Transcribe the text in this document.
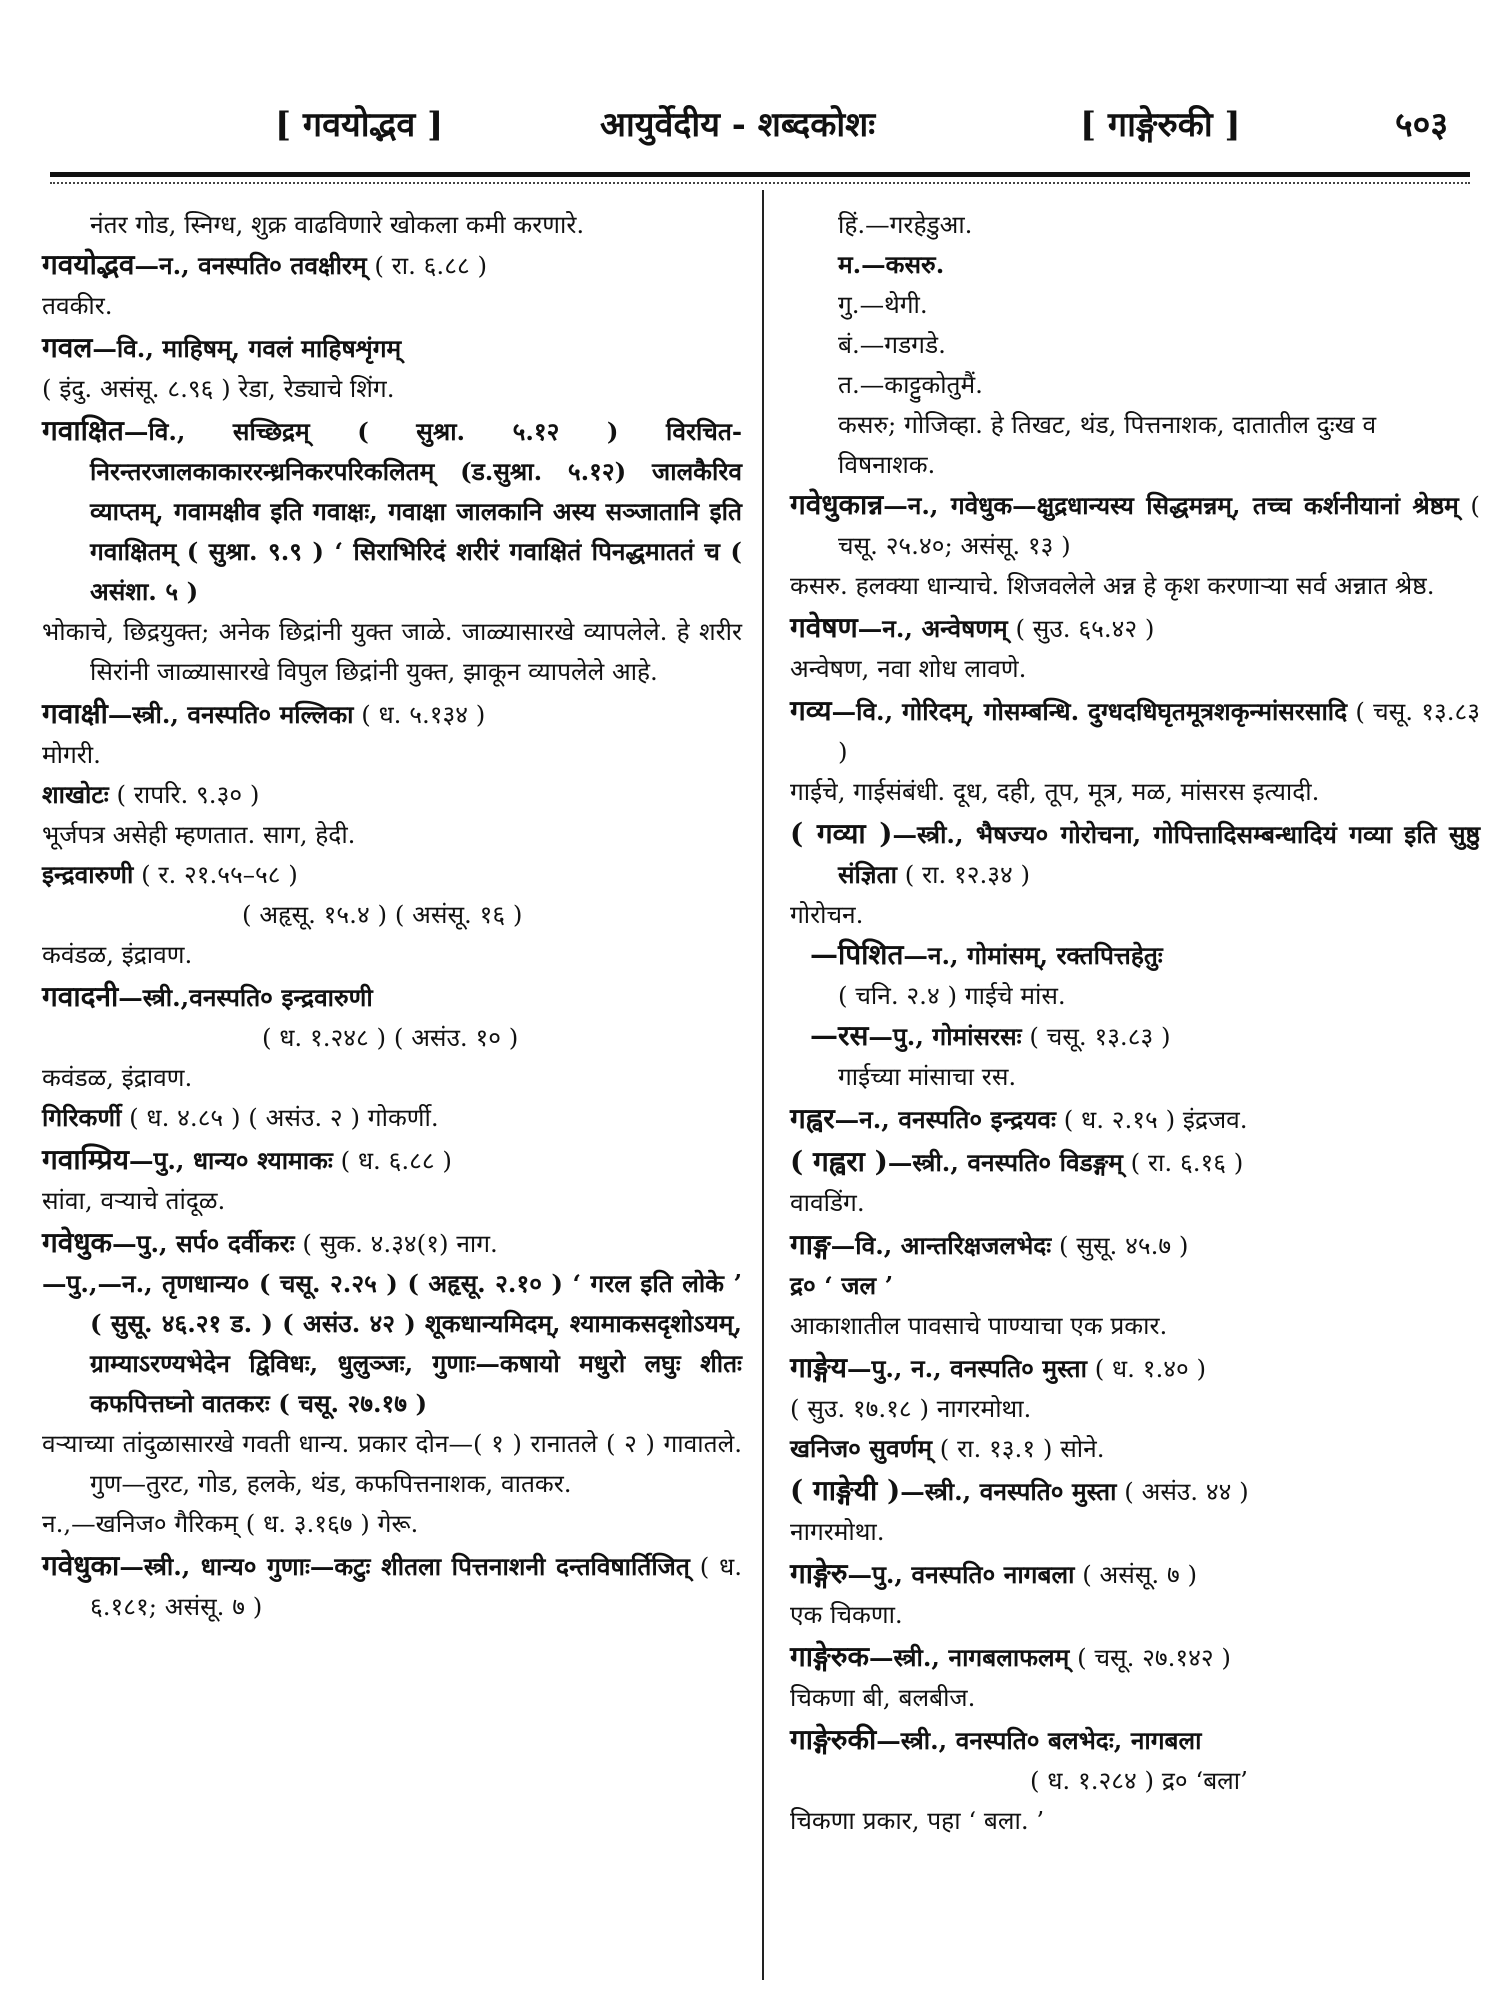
[ गवयोद्भव ]	आयुर्वेदीय - शब्दकोशः	[ गाङ्गेरुकी ]	५०३
नंतर गोड, स्निग्ध, शुक्र वाढविणारे खोकला कमी करणारे.
गवयोद्भव—न., वनस्पति० तवक्षीरम् ( रा. ६.८८ )
तवकीर.
गवल—वि., माहिषम्, गवलं माहिषशृंगम्
( इंदु. असंसू. ८.९६ ) रेडा, रेड्याचे शिंग.
गवाक्षित—वि., सच्छिद्रम् ( सुश्रा. ५.१२ ) विरचित-निरन्तरजालकाकाररन्ध्रनिकरपरिकलितम् (ड.सुश्रा. ५.१२) जालकैरिव व्याप्तम्, गवामक्षीव इति गवाक्षः, गवाक्षा जालकानि अस्य सञ्जातानि इति गवाक्षितम् ( सुश्रा. ९.९ ) ‘ सिराभिरिदं शरीरं गवाक्षितं पिनद्धमाततं च ( असंशा. ५ )
भोकाचे, छिद्रयुक्त; अनेक छिद्रांनी युक्त जाळे. जाळ्यासारखे व्यापलेले. हे शरीर सिरांनी जाळ्यासारखे विपुल छिद्रांनी युक्त, झाकून व्यापलेले आहे.
गवाक्षी—स्त्री., वनस्पति० मल्लिका ( ध. ५.१३४ )
मोगरी.
शाखोटः ( रापरि. ९.३० )
भूर्जपत्र असेही म्हणतात. साग, हेदी.
इन्द्रवारुणी ( र. २१.५५–५८ )
( अहृसू. १५.४ ) ( असंसू. १६ )
कवंडळ, इंद्रावण.
गवादनी—स्त्री.,वनस्पति० इन्द्रवारुणी
( ध. १.२४८ ) ( असंउ. १० )
कवंडळ, इंद्रावण.
गिरिकर्णी ( ध. ४.८५ ) ( असंउ. २ ) गोकर्णी.
गवाम्प्रिय—पु., धान्य० श्यामाकः ( ध. ६.८८ )
सांवा, वऱ्याचे तांदूळ.
गवेधुक—पु., सर्प० दर्वीकरः ( सुक. ४.३४(१) नाग.
—पु.,—न., तृणधान्य० ( चसू. २.२५ ) ( अहृसू. २.१० ) ‘ गरल इति लोके ’ ( सुसू. ४६.२१ ड. ) ( असंउ. ४२ ) शूकधान्यमिदम्, श्यामाकसदृशोऽयम्, ग्राम्याऽरण्यभेदेन द्विविधः, धुलुञ्जः, गुणाः—कषायो मधुरो लघुः शीतः कफपित्तघ्नो वातकरः ( चसू. २७.१७ )
वऱ्याच्या तांदुळासारखे गवती धान्य. प्रकार दोन—( १ ) रानातले ( २ ) गावातले. गुण—तुरट, गोड, हलके, थंड, कफपित्तनाशक, वातकर.
न.,—खनिज० गैरिकम् ( ध. ३.१६७ ) गेरू.
गवेधुका—स्त्री., धान्य० गुणाः—कटुः शीतला पित्तनाशनी दन्तविषार्तिजित् ( ध. ६.१८१; असंसू. ७ )
हिं.—गरहेडुआ.
म.—कसरु.
गु.—थेगी.
बं.—गडगडे.
त.—काट्टुकोतुमैं.
कसरु; गोजिव्हा. हे तिखट, थंड, पित्तनाशक, दातातील दुःख व विषनाशक.
गवेधुकान्न—न., गवेधुक—क्षुद्रधान्यस्य सिद्धमन्नम्, तच्च कर्शनीयानां श्रेष्ठम् ( चसू. २५.४०; असंसू. १३ )
कसरु. हलक्या धान्याचे. शिजवलेले अन्न हे कृश करणाऱ्या सर्व अन्नात श्रेष्ठ.
गवेषण—न., अन्वेषणम् ( सुउ. ६५.४२ )
अन्वेषण, नवा शोध लावणे.
गव्य—वि., गोरिदम्, गोसम्बन्धि. दुग्धदधिघृतमूत्रशकृन्मांसरसादि ( चसू. १३.८३ )
गाईचे, गाईसंबंधी. दूध, दही, तूप, मूत्र, मळ, मांसरस इत्यादी.
( गव्या )—स्त्री., भैषज्य० गोरोचना, गोपित्तादिसम्बन्धादियं गव्या इति सुष्ठु संज्ञिता ( रा. १२.३४ )
गोरोचन.
—पिशित—न., गोमांसम्, रक्तपित्तहेतुः
( चनि. २.४ ) गाईचे मांस.
—रस—पु., गोमांसरसः ( चसू. १३.८३ )
गाईच्या मांसाचा रस.
गह्वर—न., वनस्पति० इन्द्रयवः ( ध. २.१५ ) इंद्रजव.
( गह्वरा )—स्त्री., वनस्पति० विडङ्गम् ( रा. ६.१६ )
वावडिंग.
गाङ्ग—वि., आन्तरिक्षजलभेदः ( सुसू. ४५.७ )
द्र० ‘ जल ’
आकाशातील पावसाचे पाण्याचा एक प्रकार.
गाङ्गेय—पु., न., वनस्पति० मुस्ता ( ध. १.४० )
( सुउ. १७.१८ ) नागरमोथा.
खनिज० सुवर्णम् ( रा. १३.१ ) सोने.
( गाङ्गेयी )—स्त्री., वनस्पति० मुस्ता ( असंउ. ४४ )
नागरमोथा.
गाङ्गेरु—पु., वनस्पति० नागबला ( असंसू. ७ )
एक चिकणा.
गाङ्गेरुक—स्त्री., नागबलाफलम् ( चसू. २७.१४२ )
चिकणा बी, बलबीज.
गाङ्गेरुकी—स्त्री., वनस्पति० बलभेदः, नागबला
( ध. १.२८४ ) द्र० ‘बला’
चिकणा प्रकार, पहा ‘ बला. ’
